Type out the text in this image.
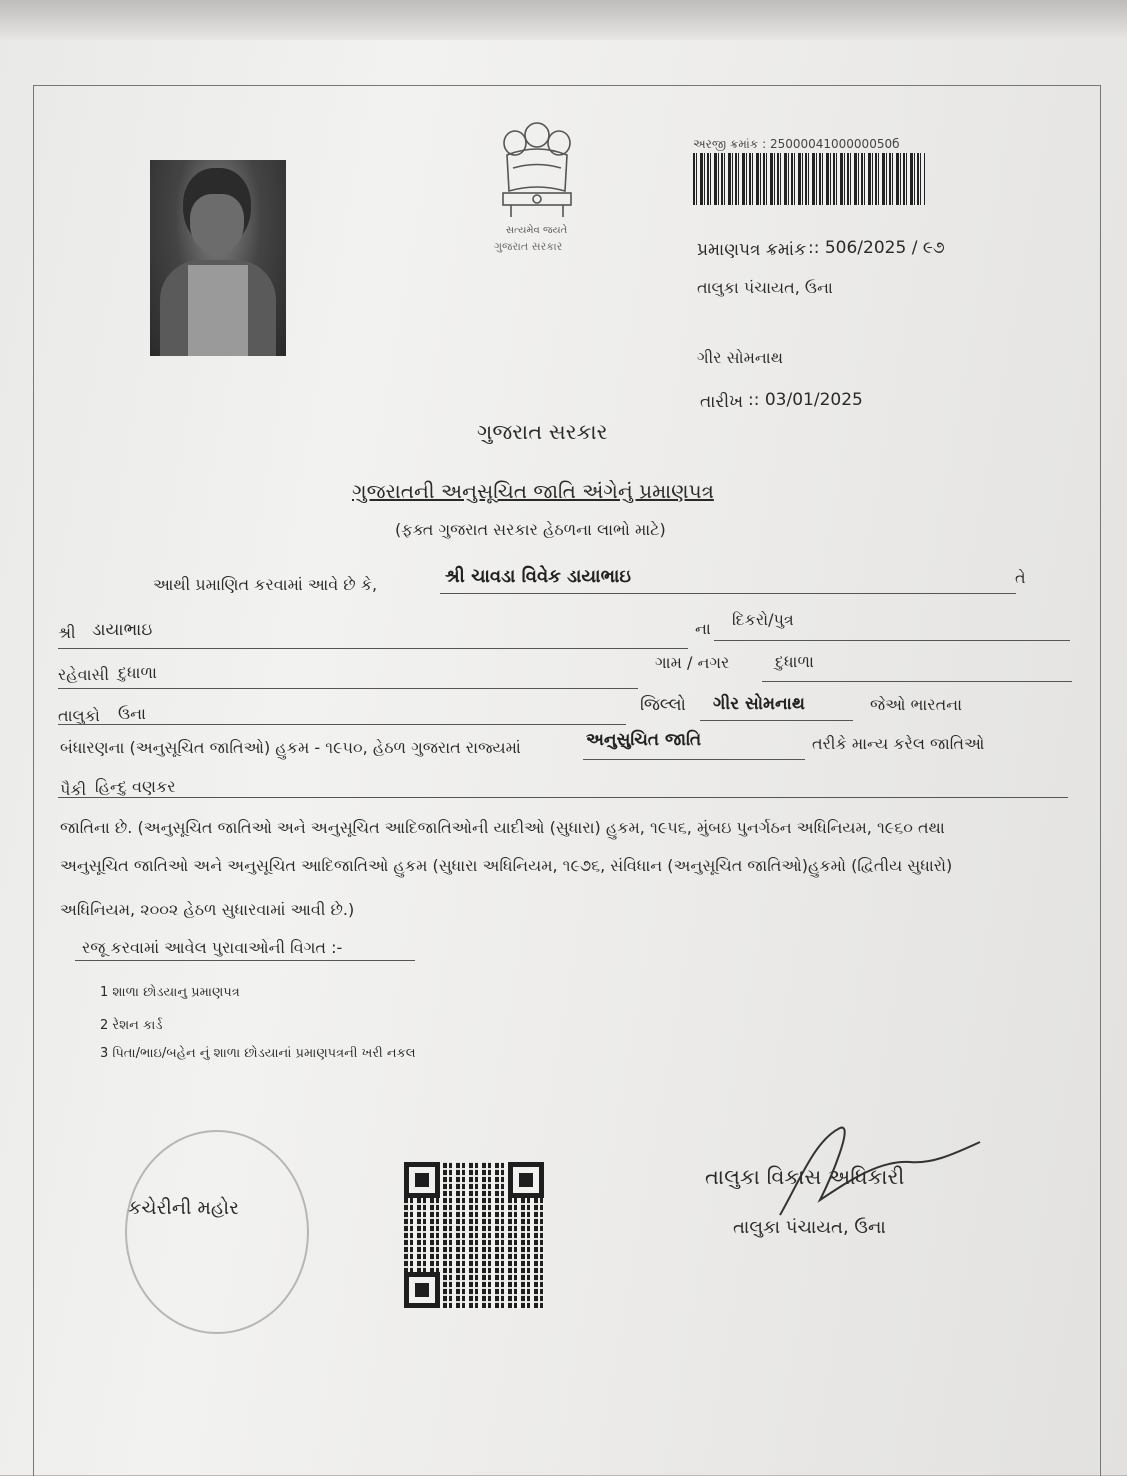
સત્યમેવ જયતે
ગુજરાત સરકાર
અરજી ક્રમાંક : 2500004100000050б
પ્રમાણપત્ર ક્રમાંક :: 506/2025 / ૯૭
તાલુકા પંચાયત, ઉના
ગીર સોમનાથ
તારીખ :: 03/01/2025
ગુજરાત સરકાર
ગુજરાતની અનુસૂચિત જાતિ અંગેનું પ્રમાણપત્ર
(ફક્ત ગુજરાત સરકાર હેઠળના લાભો માટે)
આથી પ્રમાણિત કરવામાં આવે છે કે,	શ્રી ચાવડા વિવેક ડાયાભાઇ	તે
શ્રી ડાયાભાઇ	ના દિકરો/પુત્ર
રહેવાસી દુધાળા
ગામ / નગર	દુધાળા
તાલુકો ઉના	જિલ્લો ગીર સોમનાથ	જેઓ ભારતના
બંધારણના (અનુસૂચિત જાતિઓ) હુકમ - ૧૯૫૦, હેઠળ ગુજરાત રાજ્યમાં	અનુસુચિત જાતિ	તરીકે માન્ય કરેલ જાતિઓ
પૈકી હિન્દુ વણકર
જાતિના છે. (અનુસૂચિત જાતિઓ અને અનુસૂચિત આદિજાતિઓની યાદીઓ (સુધારા) હુકમ, ૧૯૫૬, મુંબઇ પુનર્ગઠન અધિનિયમ, ૧૯૬૦ તથા
અનુસૂચિત જાતિઓ અને અનુસૂચિત આદિજાતિઓ હુકમ (સુધારા અધિનિયમ, ૧૯૭૬, સંવિધાન (અનુસૂચિત જાતિઓ)હુકમો (દ્વિતીય સુધારો)
અધિનિયમ, ૨૦૦૨ હેઠળ સુધારવામાં આવી છે.)
રજૂ કરવામાં આવેલ પુરાવાઓની વિગત :-
1 શાળા છોડયાનુ પ્રમાણપત્ર
2 રેશન કાર્ડ
3 પિતા/ભાઇ/બહેન નું શાળા છોડયાનાં પ્રમાણપત્રની ખરી નકલ
કચેરીની મહોર
તાલુકા વિકાસ અધિકારી
તાલુકા પંચાયત, ઉના
